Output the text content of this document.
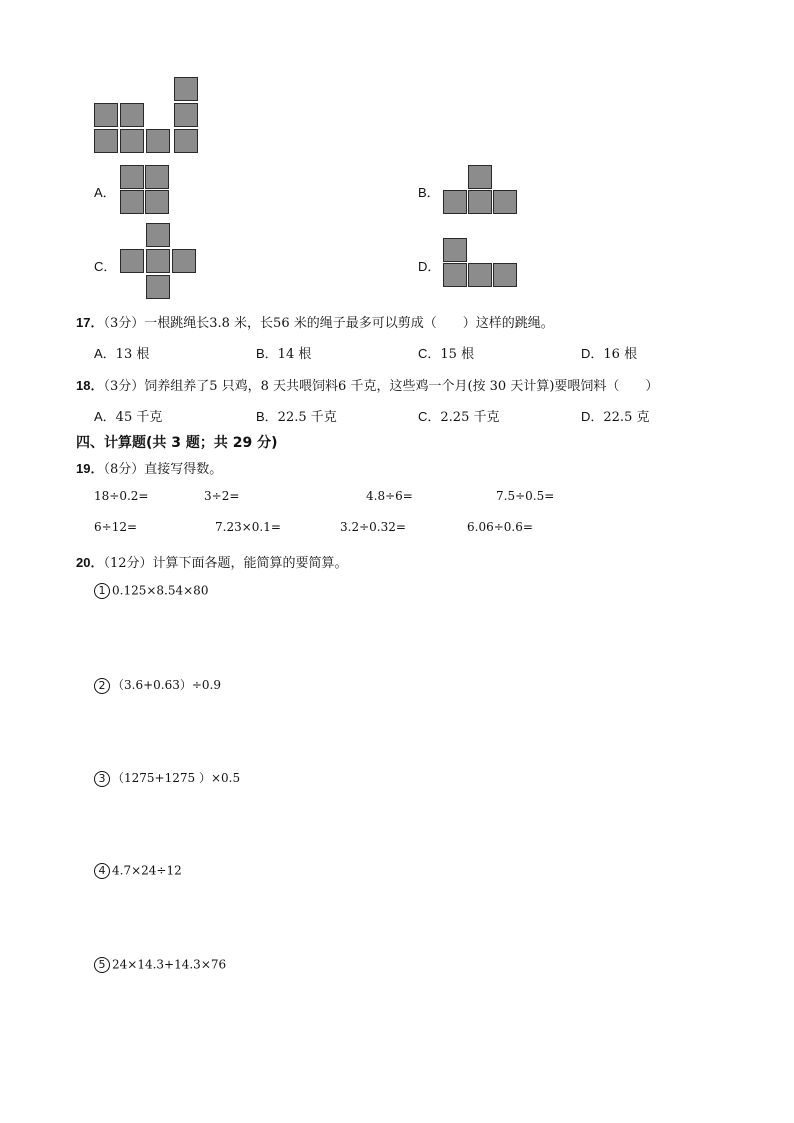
A．	B．
C．	D．
17．（3分）一根跳绳长3.8 米，长56 米的绳子最多可以剪成（　　）这样的跳绳。
A．13 根	B．14 根	C．15 根	D．16 根
18．（3分）饲养组养了5 只鸡，8 天共喂饲料6 千克，这些鸡一个月(按 30 天计算)要喂饲料（　　）
A．45 千克	B．22.5 千克	C．2.25 千克	D．22.5 克
四、计算题(共 3 题；共 29 分)
19．（8分）直接写得数。
18÷0.2=	3÷2=	4.8÷6=	7.5÷0.5=
6÷12=	7.23×0.1=	3.2÷0.32=	6.06÷0.6=
20．（12分）计算下面各题，能简算的要简算。
1 0.125×8.54×80
2 （3.6+0.63）÷0.9
3 （1275+1275 ）×0.5
4 4.7×24÷12
5 24×14.3+14.3×76
